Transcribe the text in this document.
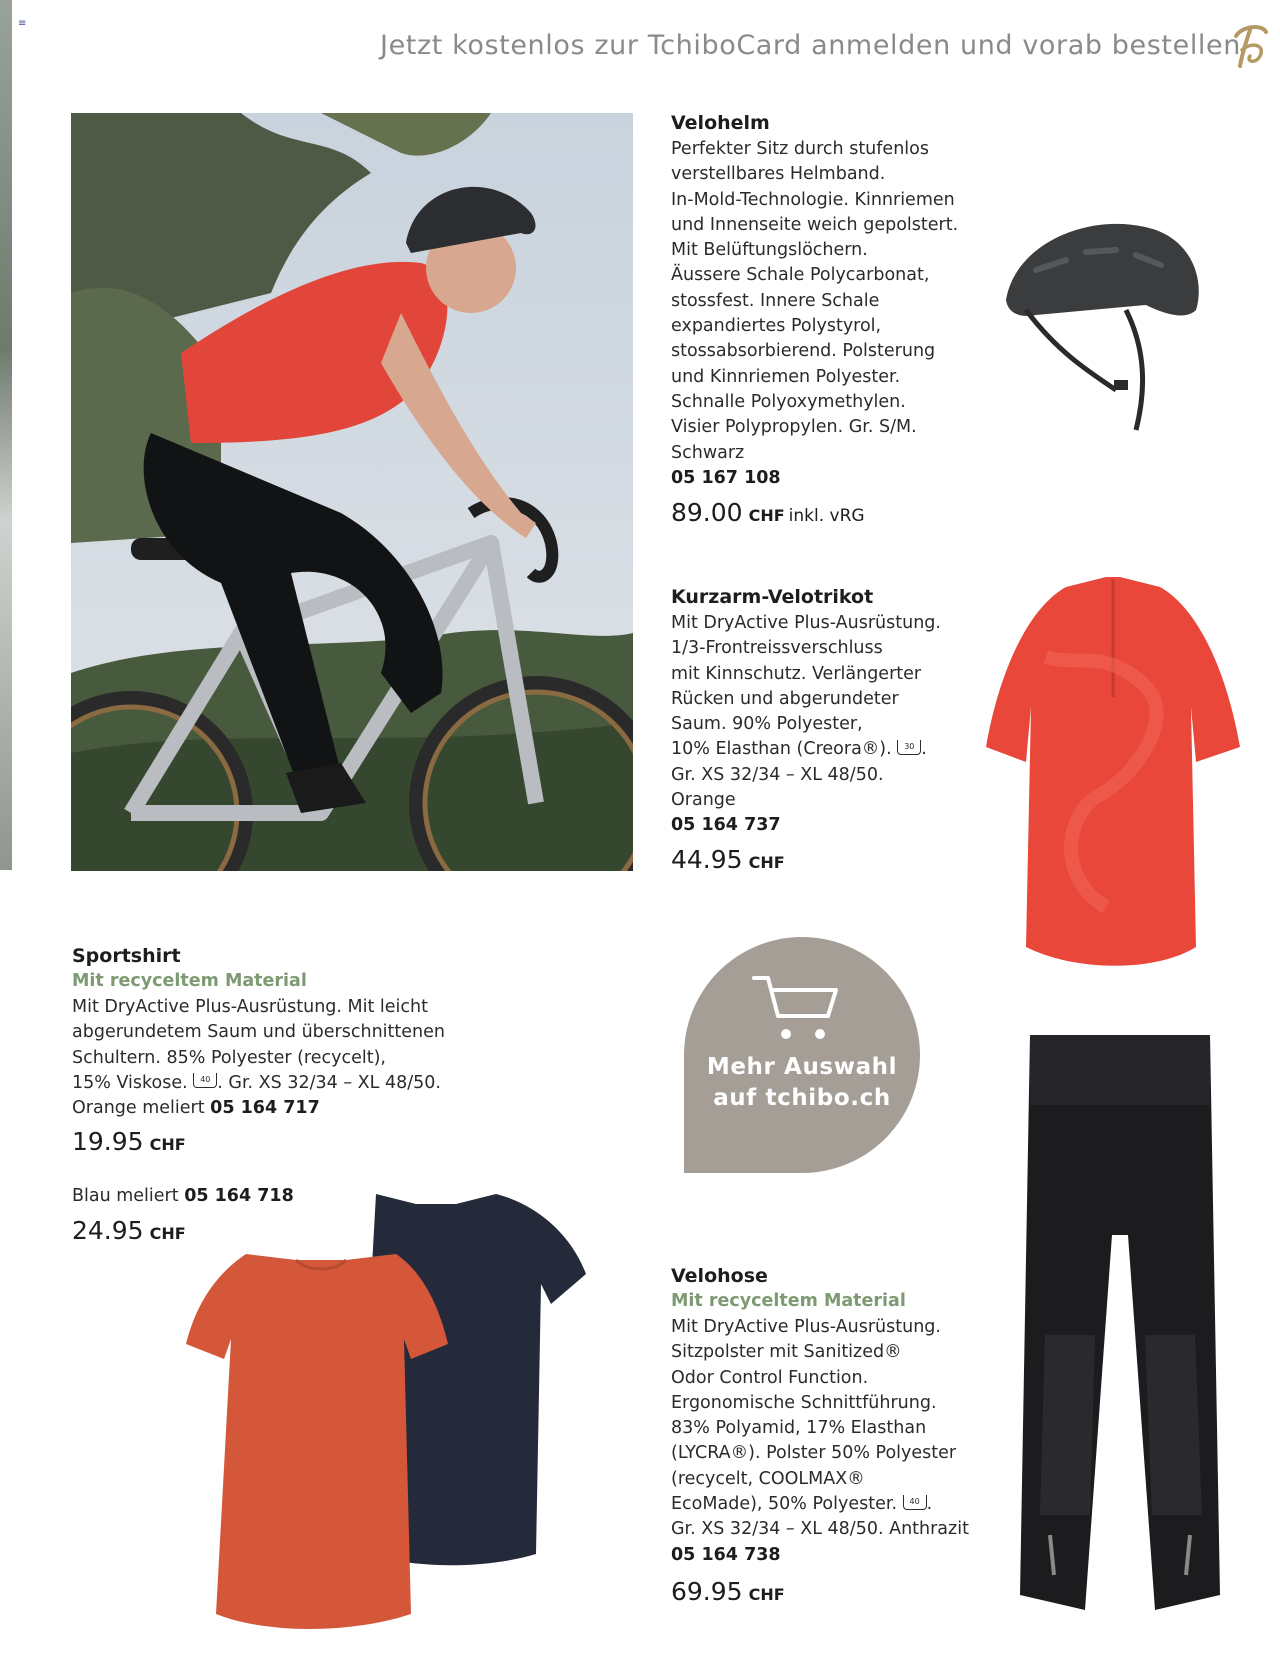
≡
Jetzt kostenlos zur TchiboCard anmelden und vorab bestellen
Velohelm

Perfekter Sitz durch stufenlos

verstellbares Helmband.

In-Mold-Technologie. Kinnriemen

und Innenseite weich gepolstert.

Mit Belüftungslöchern.

Äussere Schale Polycarbonat,

stossfest. Innere Schale

expandiertes Polystyrol,

stossabsorbierend. Polsterung

und Kinnriemen Polyester.

Schnalle Polyoxymethylen.

Visier Polypropylen. Gr. S/M.

Schwarz

05 167 108

89.00 CHF inkl. vRG
Kurzarm-Velotrikot

Mit DryActive Plus-Ausrüstung.

1/3-Frontreissverschluss

mit Kinnschutz. Verlängerter

Rücken und abgerundeter

Saum. 90% Polyester,

10% Elasthan (Creora®). 30 .

Gr. XS 32/34 – XL 48/50.

Orange

05 164 737

44.95 CHF
Sportshirt
Mit recyceltem Material

Mit DryActive Plus-Ausrüstung. Mit leicht

abgerundetem Saum und überschnittenen

Schultern. 85% Polyester (recycelt),

15% Viskose. 40 . Gr. XS 32/34 – XL 48/50.

Orange meliert 05 164 717

19.95 CHF

Blau meliert 05 164 718

24.95 CHF
Mehr Auswahl
auf tchibo.ch
Velohose
Mit recyceltem Material

Mit DryActive Plus-Ausrüstung.

Sitzpolster mit Sanitized®

Odor Control Function.

Ergonomische Schnittführung.

83% Polyamid, 17% Elasthan

(LYCRA®). Polster 50% Polyester

(recycelt, COOLMAX®

EcoMade), 50% Polyester. 40 .

Gr. XS 32/34 – XL 48/50. Anthrazit

05 164 738

69.95 CHF
